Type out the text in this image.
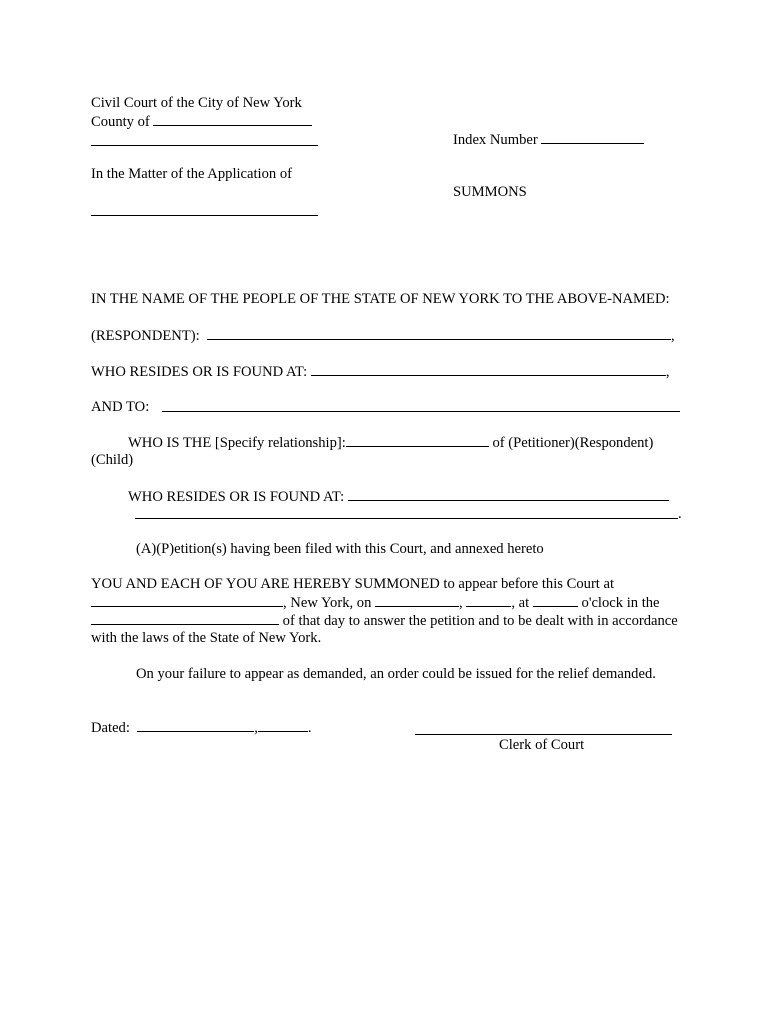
Civil Court of the City of New York
County of
Index Number
In the Matter of the Application of
SUMMONS
IN THE NAME OF THE PEOPLE OF THE STATE OF NEW YORK TO THE ABOVE-NAMED:
(RESPONDENT):	,
WHO RESIDES OR IS FOUND AT:	,
AND TO:
WHO IS THE [Specify relationship]:	of (Petitioner)(Respondent)
(Child)
WHO RESIDES OR IS FOUND AT:
.
(A)(P)etition(s) having been filed with this Court, and annexed hereto
YOU AND EACH OF YOU ARE HEREBY SUMMONED to appear before this Court at
, New York, on	,	, at	o'clock in the
of that day to answer the petition and to be dealt with in accordance
with the laws of the State of New York.
On your failure to appear as demanded, an order could be issued for the relief demanded.
Dated:	,	.
Clerk of Court
